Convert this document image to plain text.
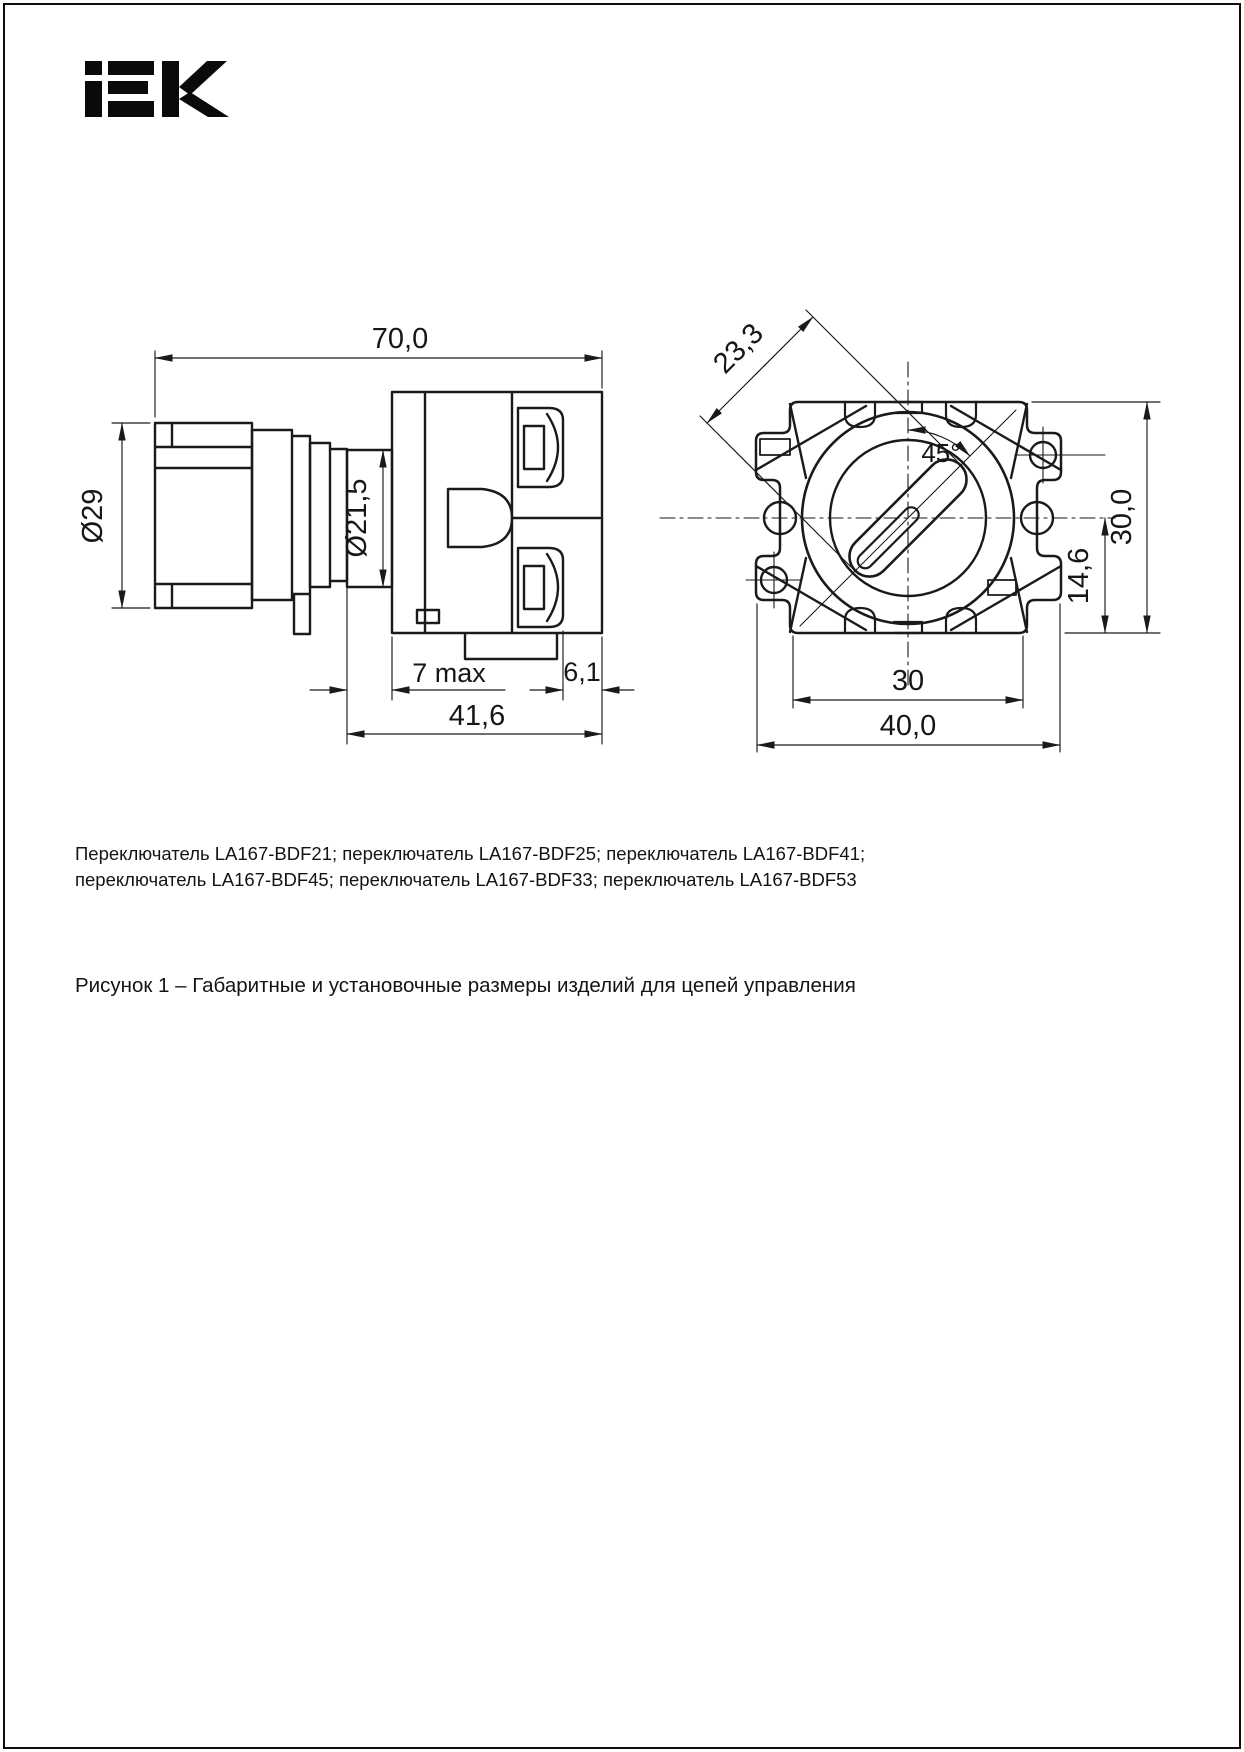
70,0
Ø29	Ø21,5
7 max	6,1
41,6
23,3
45°
30
40,0
14,6
30,0
Переключатель LA167-BDF21; переключатель LA167-BDF25; переключатель LA167-BDF41;
переключатель LA167-BDF45; переключатель LA167-BDF33; переключатель LA167-BDF53
Рисунок 1 – Габаритные и установочные размеры изделий для цепей управления
